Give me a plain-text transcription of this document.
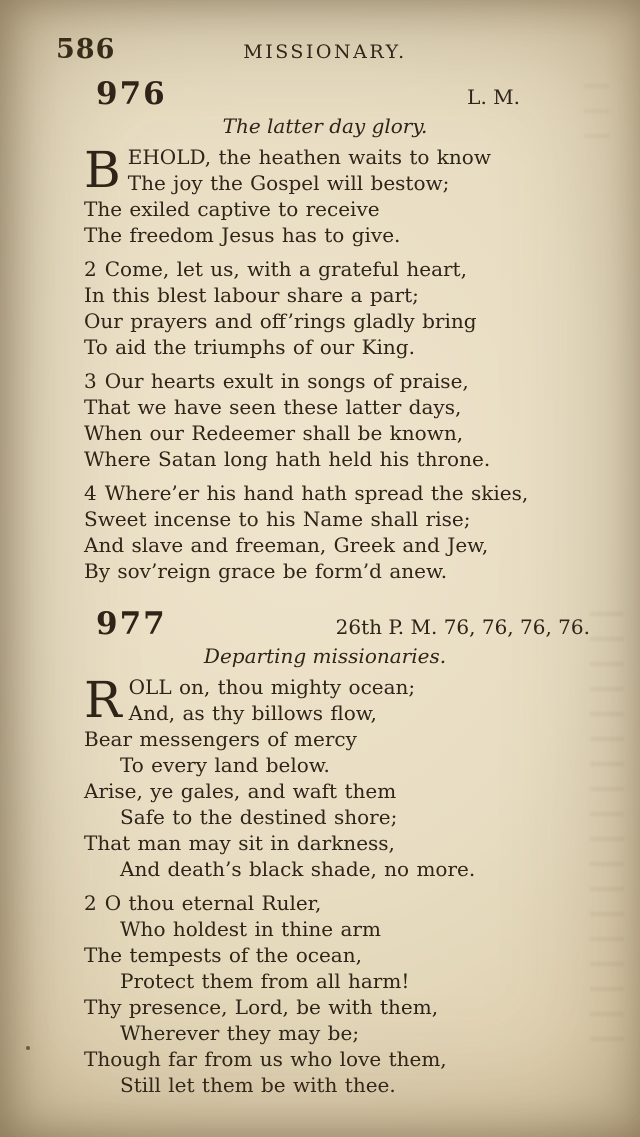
586	MISSIONARY.
976	L. M.
The latter day glory.
B EHOLD, the heathen waits to know
The joy the Gospel will bestow;
The exiled captive to receive
The freedom Jesus has to give.
2 Come, let us, with a grateful heart,
In this blest labour share a part;
Our prayers and off’rings gladly bring
To aid the triumphs of our King.
3 Our hearts exult in songs of praise,
That we have seen these latter days,
When our Redeemer shall be known,
Where Satan long hath held his throne.
4 Where’er his hand hath spread the skies,
Sweet incense to his Name shall rise;
And slave and freeman, Greek and Jew,
By sov’reign grace be form’d anew.
977	26th P. M. 76, 76, 76, 76.
Departing missionaries.
R OLL on, thou mighty ocean;
And, as thy billows flow,
Bear messengers of mercy
To every land below.
Arise, ye gales, and waft them
Safe to the destined shore;
That man may sit in darkness,
And death’s black shade, no more.
2 O thou eternal Ruler,
Who holdest in thine arm
The tempests of the ocean,
Protect them from all harm!
Thy presence, Lord, be with them,
Wherever they may be;
Though far from us who love them,
Still let them be with thee.
